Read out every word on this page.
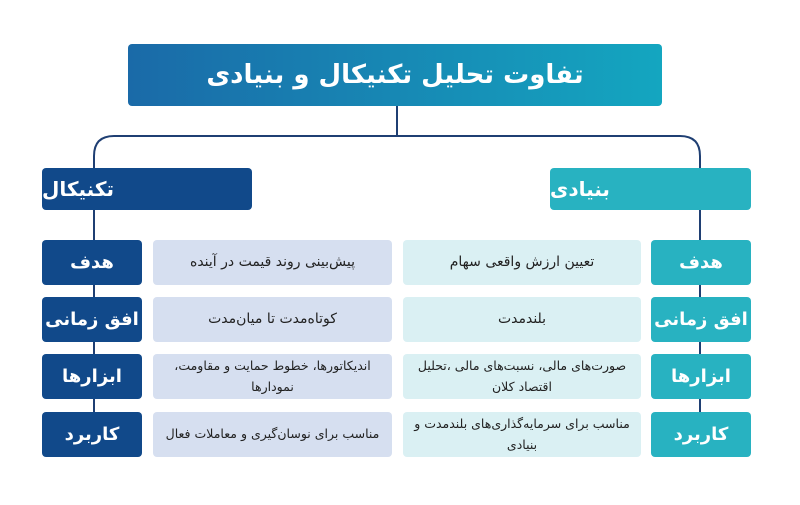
تفاوت تحلیل تکنیکال و بنیادی
تکنیکال	بنیادی
هدف
افق زمانی
ابزارها
کاربرد
پیش‌بینی روند قیمت در آینده
کوتاه‌مدت تا میان‌مدت
اندیکاتورها، خطوط حمایت و مقاومت، نمودارها
مناسب برای نوسان‌گیری و معاملات فعال
تعیین ارزش واقعی سهام
بلندمدت
صورت‌های مالی، نسبت‌های مالی ،تحلیل اقتصاد کلان
مناسب برای سرمایه‌گذاری‌های بلندمدت و بنیادی
هدف
افق زمانی
ابزارها
کاربرد
